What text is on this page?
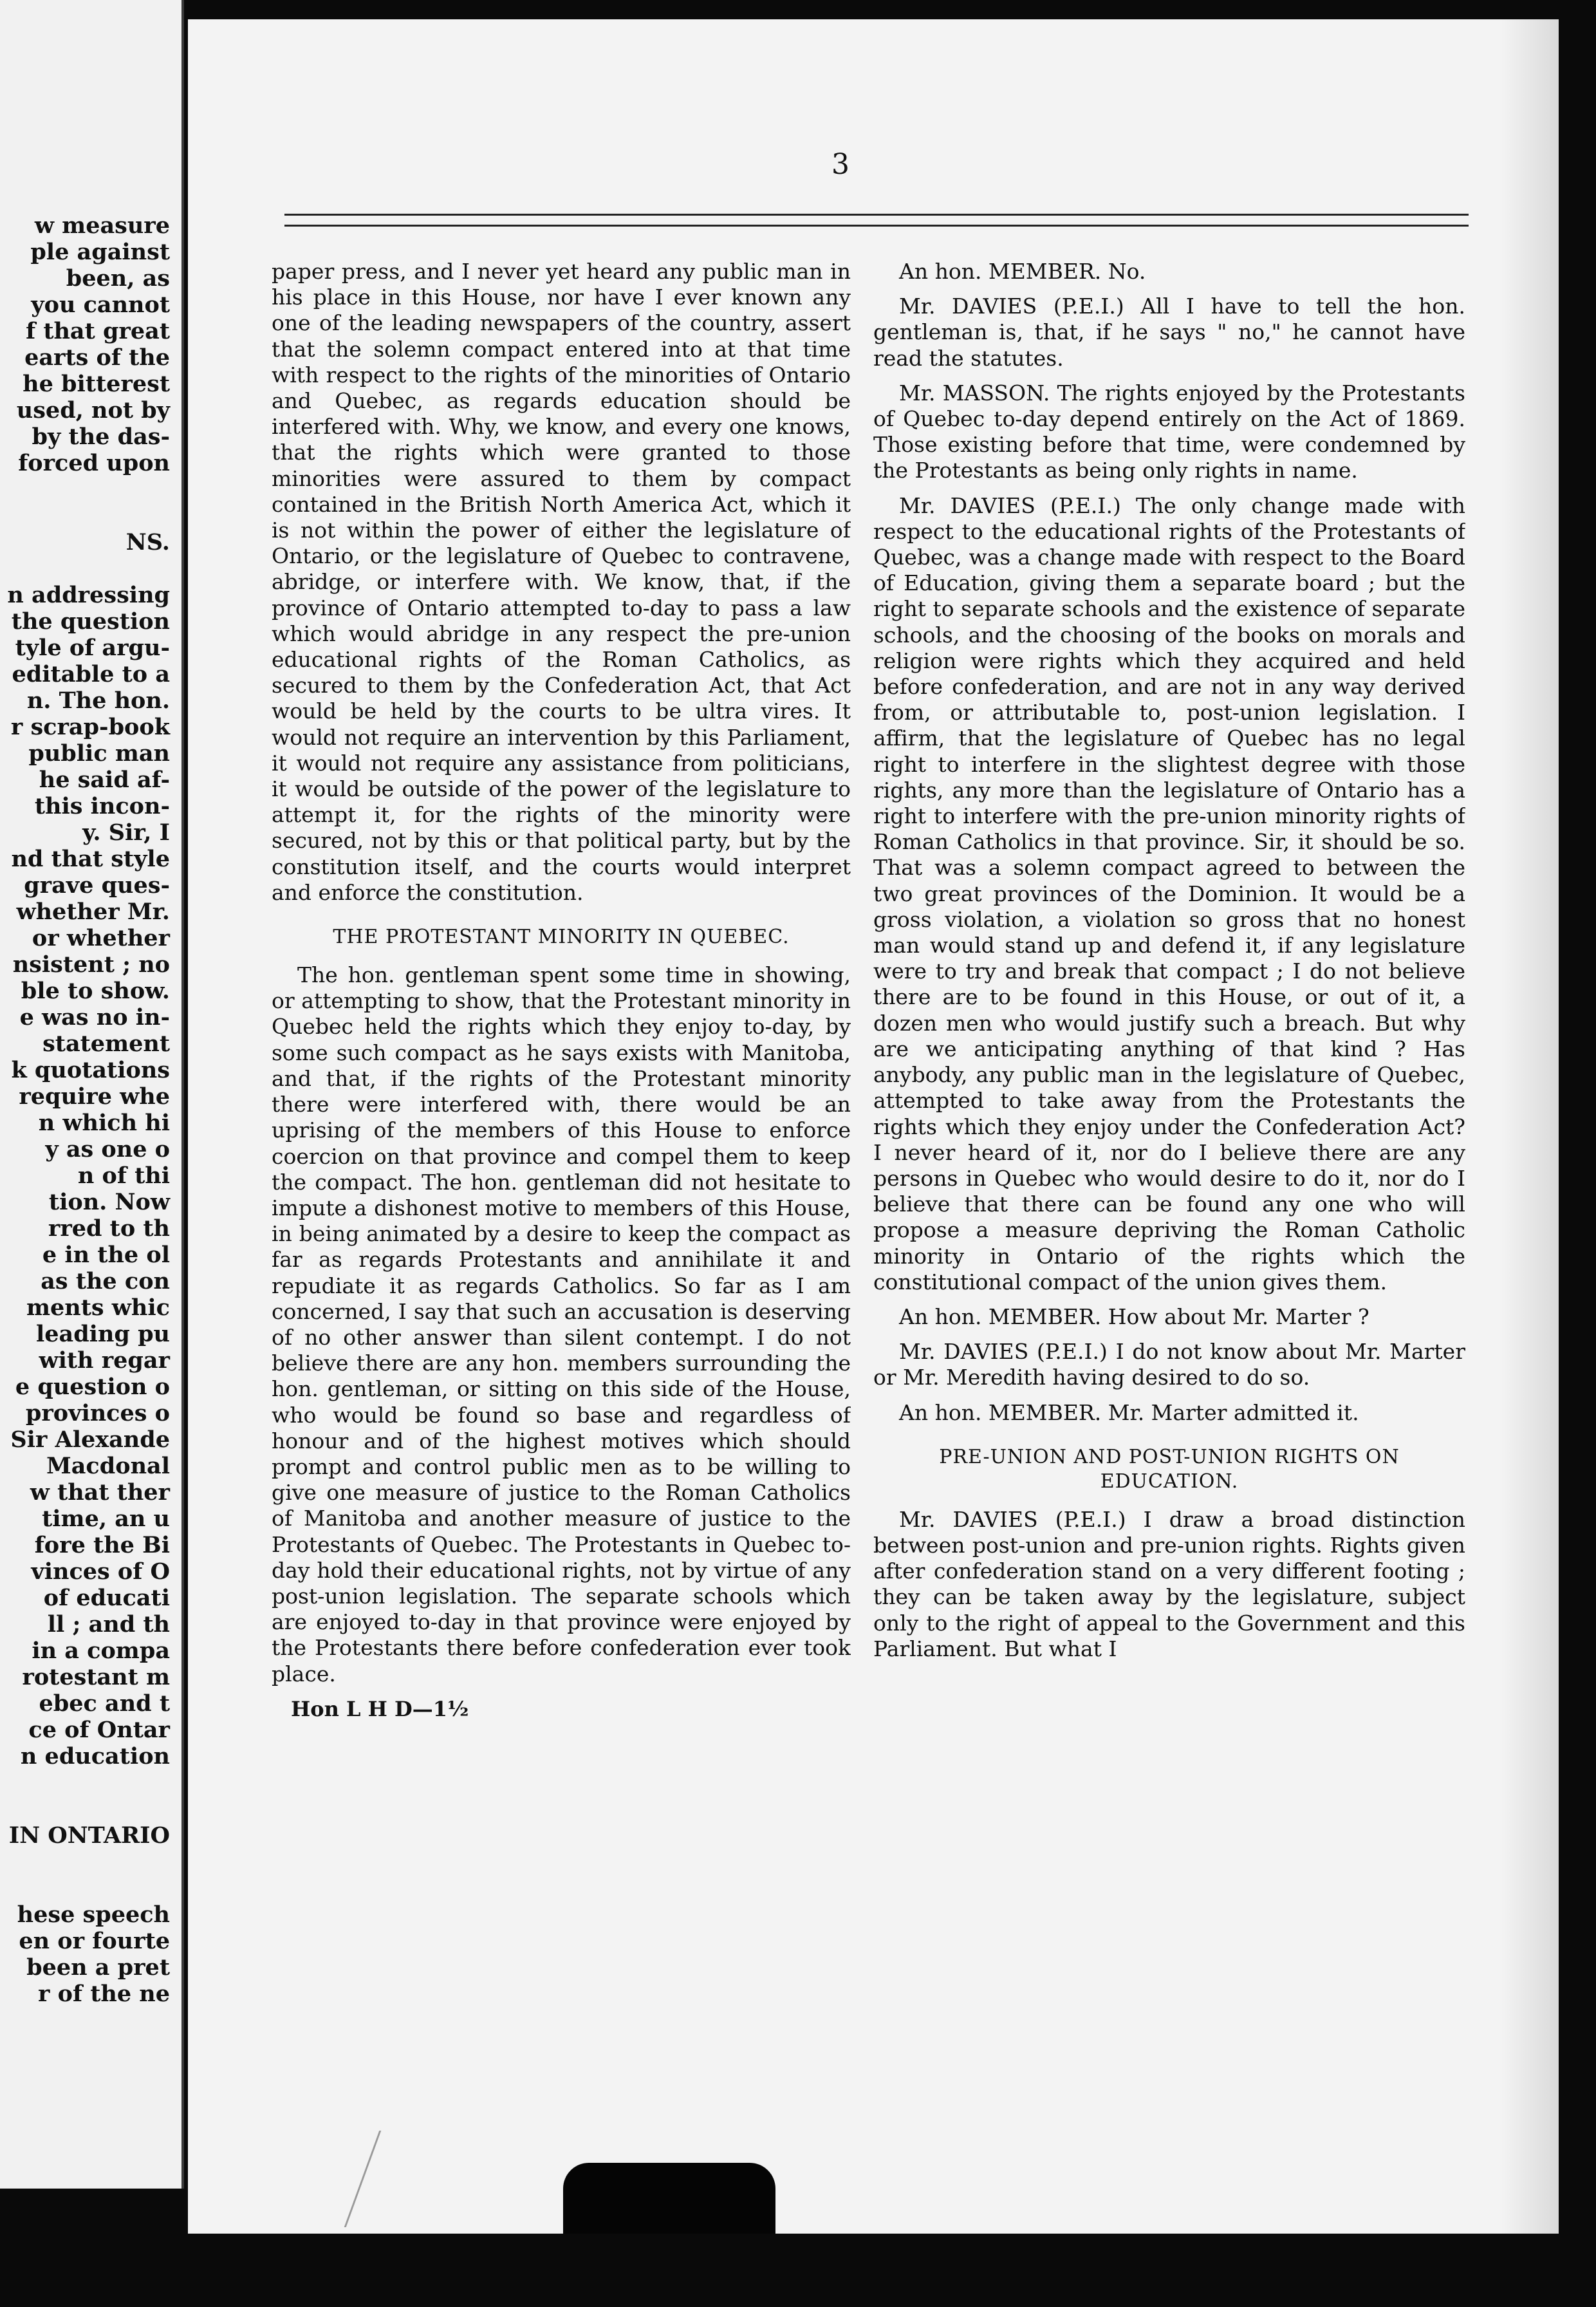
w measure
ple against
been, as
you cannot
f that great
earts of the
he bitterest
used, not by
by the das-
forced upon
NS.
n addressing
the question
tyle of argu-
editable to a
n. The hon.
r scrap-book
public man
he said af-
this incon-
y. Sir, I
nd that style
grave ques-
whether Mr.
or whether
nsistent ; no
ble to show.
e was no in-
statement
k quotations
require whe
n which hi
y as one o
n of thi
tion. Now
rred to th
e in the ol
as the con
ments whic
leading pu
with regar
e question o
provinces o
Sir Alexande
Macdonal
w that ther
time, an u
fore the Bi
vinces of O
of educati
ll ; and th
in a compa
rotestant m
ebec and t
ce of Ontar
n education
IN ONTARIO
hese speech
en or fourte
been a pret
r of the ne
3

paper press, and I never yet heard any public man in his place in this House, nor have I ever known any one of the leading newspapers of the country, assert that the solemn compact entered into at that time with respect to the rights of the minorities of Ontario and Quebec, as regards education should be interfered with. Why, we know, and every one knows, that the rights which were granted to those minorities were assured to them by compact contained in the British North America Act, which it is not within the power of either the legislature of Ontario, or the legislature of Quebec to contravene, abridge, or interfere with. We know, that, if the province of Ontario attempted to-day to pass a law which would abridge in any respect the pre-union educational rights of the Roman Catholics, as secured to them by the Confederation Act, that Act would be held by the courts to be ultra vires. It would not require an intervention by this Parliament, it would not require any assistance from politicians, it would be outside of the power of the legislature to attempt it, for the rights of the minority were secured, not by this or that political party, but by the constitution itself, and the courts would interpret and enforce the constitution.

THE PROTESTANT MINORITY IN QUEBEC.

The hon. gentleman spent some time in showing, or attempting to show, that the Protestant minority in Quebec held the rights which they enjoy to-day, by some such compact as he says exists with Manitoba, and that, if the rights of the Protestant minority there were interfered with, there would be an uprising of the members of this House to enforce coercion on that province and compel them to keep the compact. The hon. gentleman did not hesitate to impute a dishonest motive to members of this House, in being animated by a desire to keep the compact as far as regards Protestants and annihilate it and repudiate it as regards Catholics. So far as I am concerned, I say that such an accusation is deserving of no other answer than silent contempt. I do not believe there are any hon. members surrounding the hon. gentleman, or sitting on this side of the House, who would be found so base and regardless of honour and of the highest motives which should prompt and control public men as to be willing to give one measure of justice to the Roman Catholics of Manitoba and another measure of justice to the Protestants of Quebec. The Protestants in Quebec to-day hold their educational rights, not by virtue of any post-union legislation. The separate schools which are enjoyed to-day in that province were enjoyed by the Protestants there before confederation ever took place.

Hon L H D—1½

An hon. MEMBER. No.

Mr. DAVIES (P.E.I.) All I have to tell the hon. gentleman is, that, if he says " no," he cannot have read the statutes.

Mr. MASSON. The rights enjoyed by the Protestants of Quebec to-day depend entirely on the Act of 1869. Those existing before that time, were condemned by the Protestants as being only rights in name.

Mr. DAVIES (P.E.I.) The only change made with respect to the educational rights of the Protestants of Quebec, was a change made with respect to the Board of Education, giving them a separate board ; but the right to separate schools and the existence of separate schools, and the choosing of the books on morals and religion were rights which they acquired and held before confederation, and are not in any way derived from, or attributable to, post-union legislation. I affirm, that the legislature of Quebec has no legal right to interfere in the slightest degree with those rights, any more than the legislature of Ontario has a right to interfere with the pre-union minority rights of Roman Catholics in that province. Sir, it should be so. That was a solemn compact agreed to between the two great provinces of the Dominion. It would be a gross violation, a violation so gross that no honest man would stand up and defend it, if any legislature were to try and break that compact ; I do not believe there are to be found in this House, or out of it, a dozen men who would justify such a breach. But why are we anticipating anything of that kind ? Has anybody, any public man in the legislature of Quebec, attempted to take away from the Protestants the rights which they enjoy under the Confederation Act? I never heard of it, nor do I believe there are any persons in Quebec who would desire to do it, nor do I believe that there can be found any one who will propose a measure depriving the Roman Catholic minority in Ontario of the rights which the constitutional compact of the union gives them.

An hon. MEMBER. How about Mr. Marter ?

Mr. DAVIES (P.E.I.) I do not know about Mr. Marter or Mr. Meredith having desired to do so.

An hon. MEMBER. Mr. Marter admitted it.

PRE-UNION AND POST-UNION RIGHTS ON EDUCATION.

Mr. DAVIES (P.E.I.) I draw a broad distinction between post-union and pre-union rights. Rights given after confederation stand on a very different footing ; they can be taken away by the legislature, subject only to the right of appeal to the Government and this Parliament. But what I
